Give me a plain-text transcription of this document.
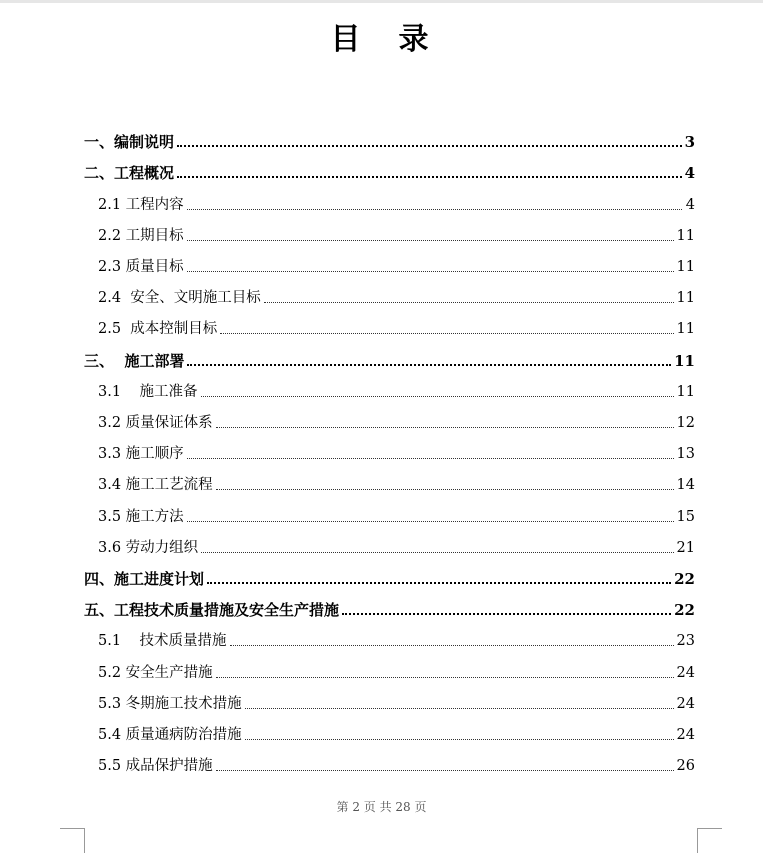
目　录
一、编制说明	3
二、工程概况	4
2.1 工程内容	4
2.2 工期目标	11
2.3 质量目标	11
2.4  安全、文明施工目标	11
2.5  成本控制目标	11
三、  施工部署	11
3.1    施工准备	11
3.2 质量保证体系	12
3.3 施工顺序	13
3.4 施工工艺流程	14
3.5 施工方法	15
3.6 劳动力组织	21
四、施工进度计划	22
五、工程技术质量措施及安全生产措施	22
5.1    技术质量措施	23
5.2 安全生产措施	24
5.3 冬期施工技术措施	24
5.4 质量通病防治措施	24
5.5 成品保护措施	26
第 2 页 共 28 页
